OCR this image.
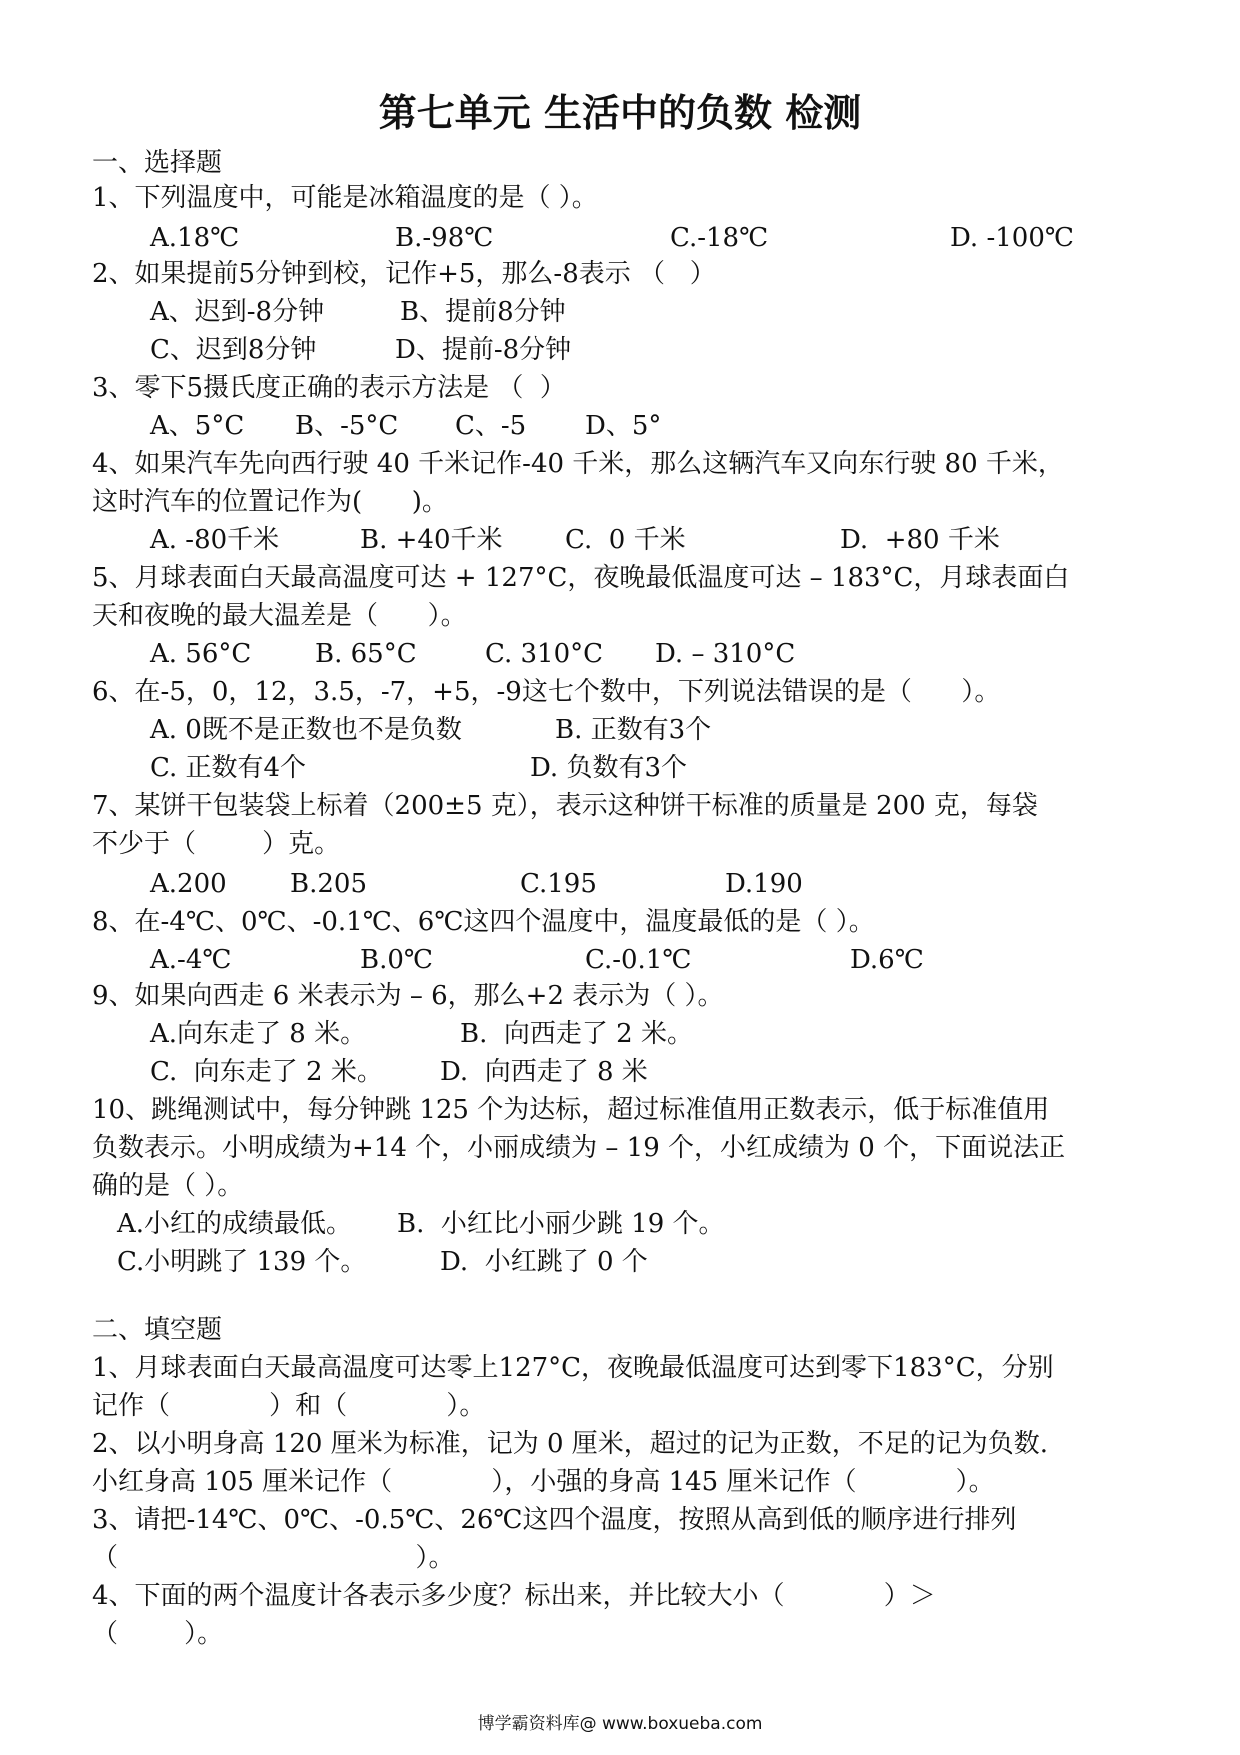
第七单元 生活中的负数 检测
一、选择题
1、下列温度中，可能是冰箱温度的是（ ）。
A.18℃	B.-98℃	C.-18℃	D. -100℃
2、如果提前5分钟到校，记作+5，那么-8表示 （   ）
A、迟到-8分钟	B、提前8分钟
C、迟到8分钟	D、提前-8分钟
3、零下5摄氏度正确的表示方法是 （  ）
A、5°C B、-5°C C、-5 D、5°
4、如果汽车先向西行驶 40 千米记作-40 千米，那么这辆汽车又向东行驶 80 千米，
这时汽车的位置记作为(      )。
A. -80千米	B. +40千米 C.  0 千米	D.  +80 千米
5、月球表面白天最高温度可达 + 127°C，夜晚最低温度可达 – 183°C，月球表面白
天和夜晚的最大温差是（      ）。
A. 56°C B. 65°C	C. 310°C D. – 310°C
6、在-5，0，12，3.5，-7，+5，-9这七个数中，下列说法错误的是（      ）。
A. 0既不是正数也不是负数	B. 正数有3个
C. 正数有4个	D. 负数有3个
7、某饼干包装袋上标着（200±5 克），表示这种饼干标准的质量是 200 克，每袋
不少于（        ）克。
A.200 B.205	C.195	D.190
8、在-4℃、0℃、-0.1℃、6℃这四个温度中，温度最低的是（ ）。
A.-4℃	B.0℃	C.-0.1℃	D.6℃
9、如果向西走 6 米表示为 – 6，那么+2 表示为（ ）。
A.向东走了 8 米。	B.  向西走了 2 米。
C.  向东走了 2 米。 D.  向西走了 8 米
10、跳绳测试中，每分钟跳 125 个为达标，超过标准值用正数表示，低于标准值用
负数表示。小明成绩为+14 个，小丽成绩为 – 19 个，小红成绩为 0 个，下面说法正
确的是（ ）。
A.小红的成绩最低。 B.  小红比小丽少跳 19 个。
C.小明跳了 139 个。	D.  小红跳了 0 个
二、填空题
1、月球表面白天最高温度可达零上127°C，夜晚最低温度可达到零下183°C，分别
记作（            ）和（            ）。
2、以小明身高 120 厘米为标准，记为 0 厘米，超过的记为正数，不足的记为负数.
小红身高 105 厘米记作（            ），小强的身高 145 厘米记作（            ）。
3、请把-14℃、0℃、-0.5℃、26℃这四个温度，按照从高到低的顺序进行排列
（                                    ）。
4、下面的两个温度计各表示多少度？标出来，并比较大小（            ）＞
（        ）。
博学霸资料库@ www.boxueba.com
